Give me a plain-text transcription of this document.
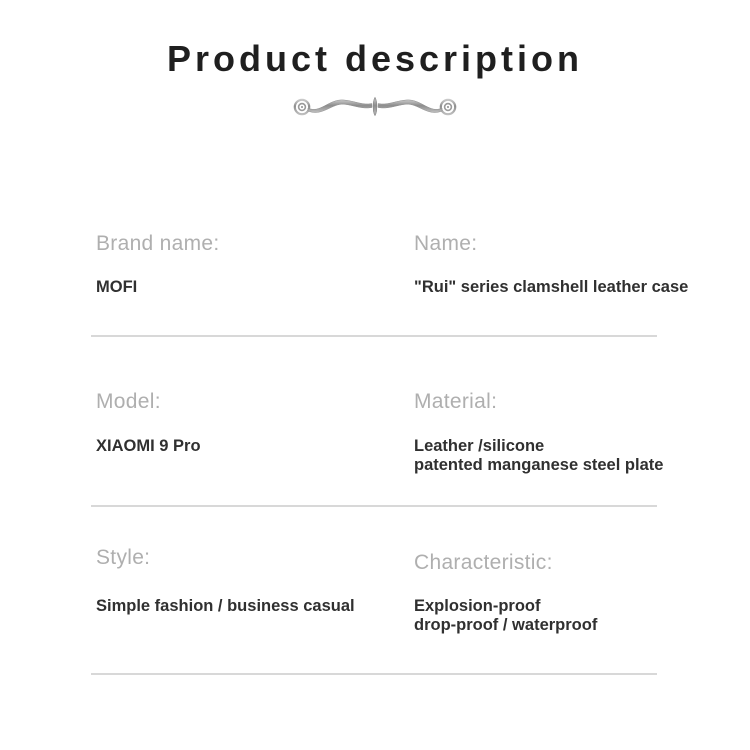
Product description
Brand name:
MOFI
Name:
"Rui" series clamshell leather case
Model:
XIAOMI 9 Pro
Material:
Leather /silicone
patented manganese steel plate
Style:
Simple fashion / business casual
Characteristic:
Explosion-proof
drop-proof / waterproof
